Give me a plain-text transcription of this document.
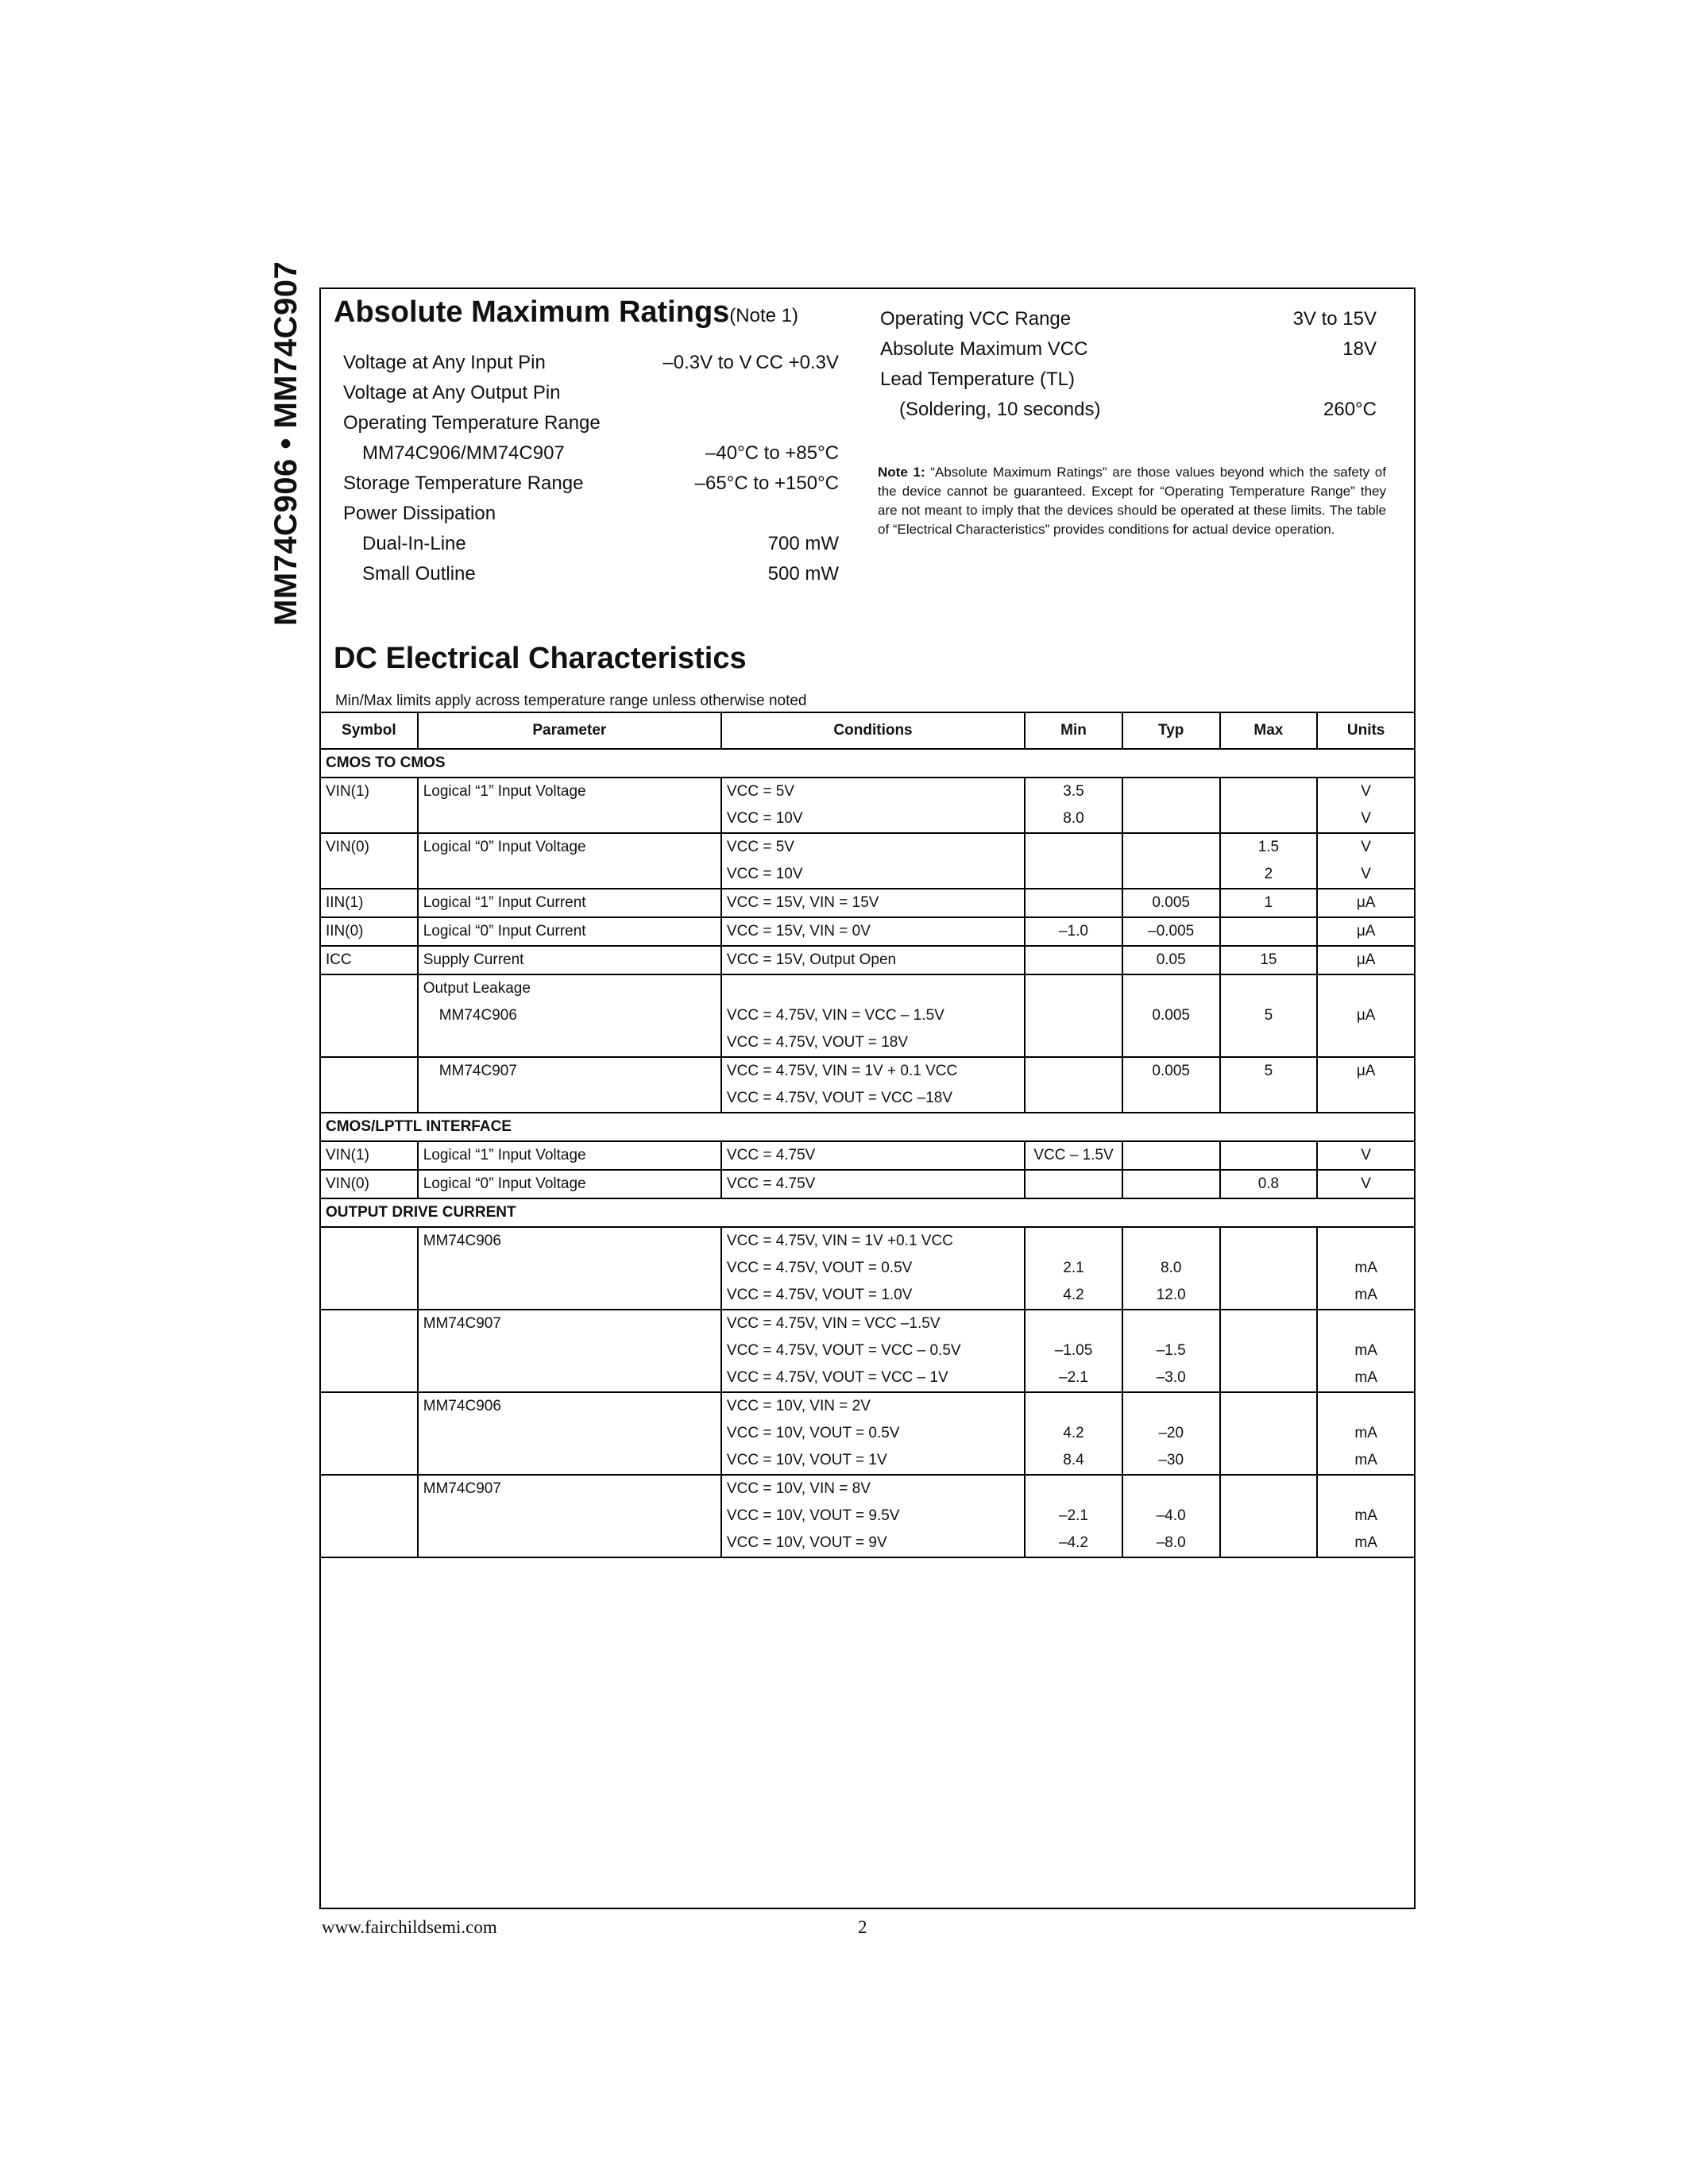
MM74C906 • MM74C907 Absolute Maximum Ratings(Note 1)
Voltage at Any Input Pin	–0.3V to V CC +0.3V
Voltage at Any Output Pin
Operating Temperature Range
MM74C906/MM74C907	–40°C to +85°C
Storage Temperature Range	–65°C to +150°C
Power Dissipation
Dual-In-Line	700 mW
Small Outline	500 mW
Operating VCC Range	3V to 15V
Absolute Maximum VCC	18V
Lead Temperature (TL)
(Soldering, 10 seconds)	260°C
Note 1: “Absolute Maximum Ratings” are those values beyond which the safety of the device cannot be guaranteed. Except for “Operating Temperature Range” they are not meant to imply that the devices should be operated at these limits. The table of “Electrical Characteristics” provides conditions for actual device operation.
DC Electrical Characteristics
Min/Max limits apply across temperature range unless otherwise noted
Symbol	Parameter	Conditions	Min	Typ	Max	Units
CMOS TO CMOS						
VIN(1)	Logical “1” Input Voltage	VCC = 5V	3.5			V
		VCC = 10V	8.0			V
VIN(0)	Logical “0” Input Voltage	VCC = 5V			1.5	V
		VCC = 10V			2	V
IIN(1)	Logical “1” Input Current	VCC = 15V, VIN = 15V		0.005	1	μA
IIN(0)	Logical “0” Input Current	VCC = 15V, VIN = 0V	–1.0	–0.005		μA
ICC	Supply Current	VCC = 15V, Output Open		0.05	15	μA
	Output Leakage					
	MM74C906	VCC = 4.75V, VIN = VCC – 1.5V		0.005	5	μA
		VCC = 4.75V, VOUT = 18V				
	MM74C907	VCC = 4.75V, VIN = 1V + 0.1 VCC		0.005	5	μA
		VCC = 4.75V, VOUT = VCC –18V				
CMOS/LPTTL INTERFACE						
VIN(1)	Logical “1” Input Voltage	VCC = 4.75V	VCC – 1.5V			V
VIN(0)	Logical “0” Input Voltage	VCC = 4.75V			0.8	V
OUTPUT DRIVE CURRENT						
	MM74C906	VCC = 4.75V, VIN = 1V +0.1 VCC				
		VCC = 4.75V, VOUT = 0.5V	2.1	8.0		mA
		VCC = 4.75V, VOUT = 1.0V	4.2	12.0		mA
	MM74C907	VCC = 4.75V, VIN = VCC –1.5V				
		VCC = 4.75V, VOUT = VCC – 0.5V	–1.05	–1.5		mA
		VCC = 4.75V, VOUT = VCC – 1V	–2.1	–3.0		mA
	MM74C906	VCC = 10V, VIN = 2V				
		VCC = 10V, VOUT = 0.5V	4.2	–20		mA
		VCC = 10V, VOUT = 1V	8.4	–30		mA
	MM74C907	VCC = 10V, VIN = 8V				
		VCC = 10V, VOUT = 9.5V	–2.1	–4.0		mA
		VCC = 10V, VOUT = 9V	–4.2	–8.0		mA
www.fairchildsemi.com	2
